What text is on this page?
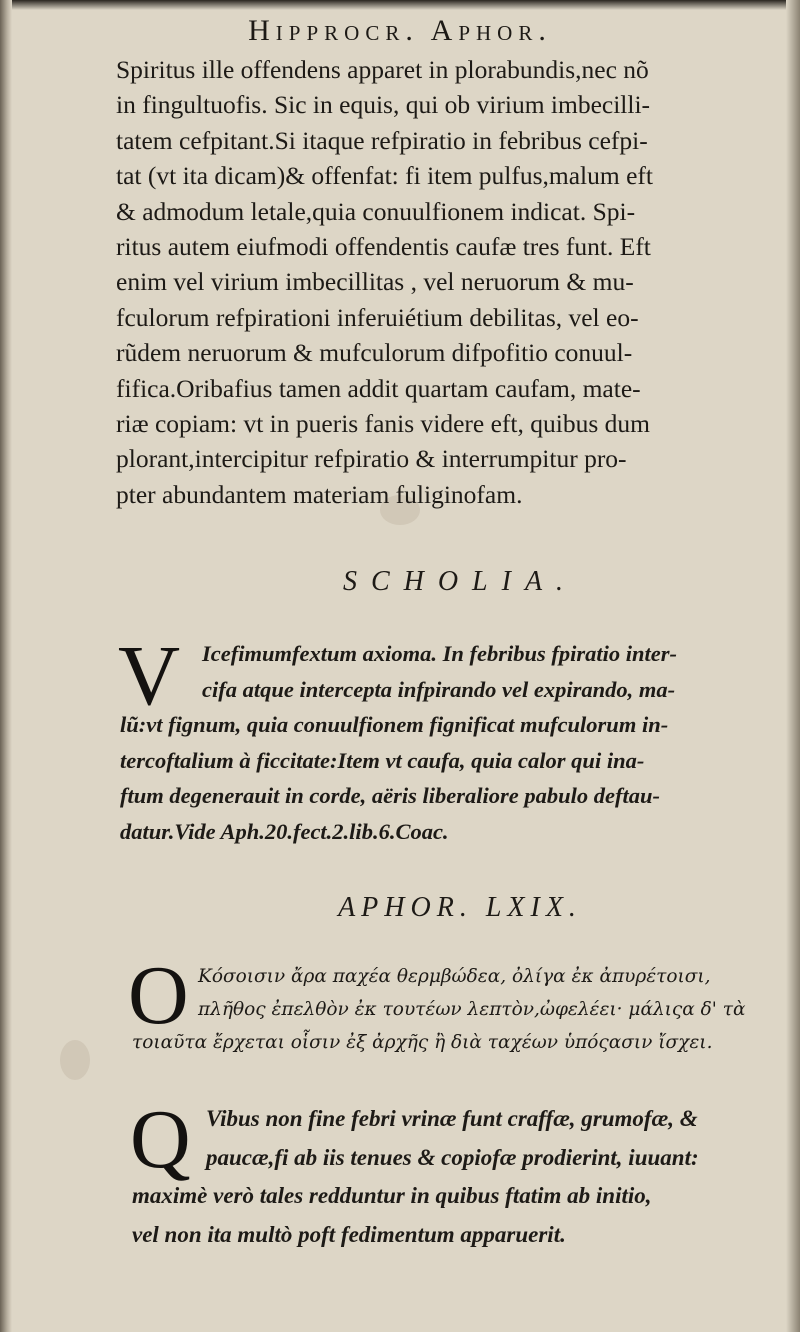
Hipprocr. Aphor.
Spiritus ille offendens apparet in plorabundis,nec nõ
in fingultuofis. Sic in equis, qui ob virium imbecilli-
tatem cefpitant.Si itaque refpiratio in febribus cefpi-
tat (vt ita dicam)& offenfat: fi item pulfus,malum eft
& admodum letale,quia conuulfionem indicat. Spi-
ritus autem eiufmodi offendentis caufæ tres funt. Eft
enim vel virium imbecillitas , vel neruorum & mu-
fculorum refpirationi inferuiétium debilitas, vel eo-
rũdem neruorum & mufculorum difpofitio conuul-
fifica.Oribafius tamen addit quartam caufam, mate-
riæ copiam: vt in pueris fanis videre eft, quibus dum
plorant,intercipitur refpiratio & interrumpitur pro-
pter abundantem materiam fuliginofam.
SCHOLIA.
V Icefimumfextum axioma. In febribus fpiratio inter-
cifa atque intercepta infpirando vel expirando, ma-
lũ:vt fignum, quia conuulfionem fignificat mufculorum in-
tercoftalium à ficcitate:Item vt caufa, quia calor qui ina-
ftum degenerauit in corde, aëris liberaliore pabulo deftau-
datur.Vide Aph.20.fect.2.lib.6.Coac.
APHOR. LXIX.
O Κόσοισιν ἄρα παχέα θερμβώδεα, ὀλίγα ἐκ ἀπυρέτοισι,
πλῆθος ἐπελθὸν ἐκ τουτέων λεπτὸν,ὠφελέει· μάλιςα δ' τὰ
τοιαῦτα ἔρχεται οἷσιν ἐξ ἀρχῆς ἢ διὰ ταχέων ὑπόςασιν ἴσχει.
Q Vibus non fine febri vrinæ funt craffæ, grumofæ, &
paucæ,fi ab iis tenues & copiofæ prodierint, iuuant:
maximè verò tales redduntur in quibus ftatim ab initio,
vel non ita multò poft fedimentum apparuerit.
